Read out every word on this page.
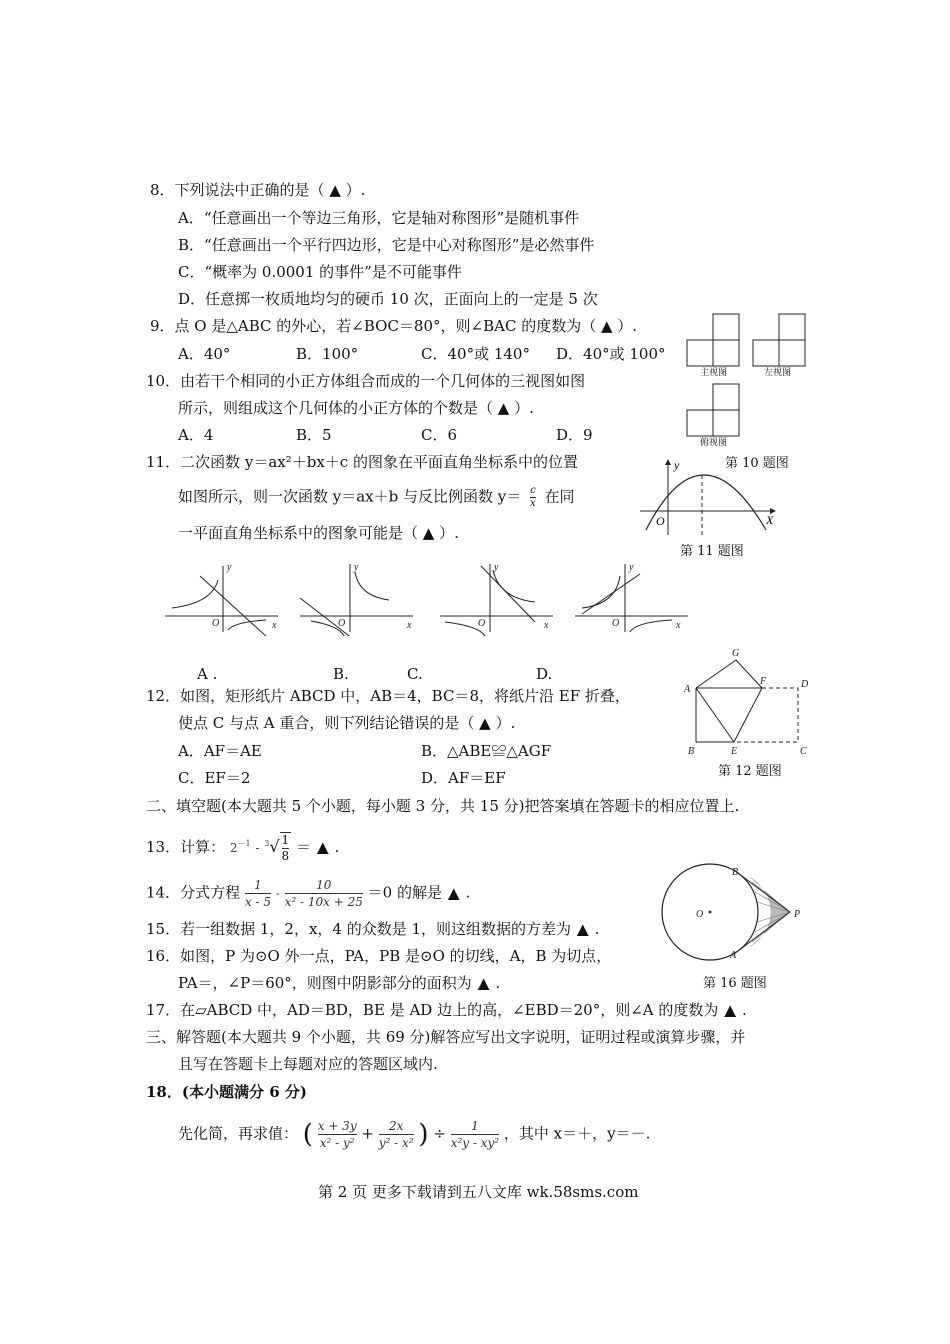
8．下列说法中正确的是（ ▲ ）.
A．“任意画出一个等边三角形，它是轴对称图形”是随机事件
B．“任意画出一个平行四边形，它是中心对称图形”是必然事件
C．“概率为 0.0001 的事件”是不可能事件
D．任意掷一枚质地均匀的硬币 10 次，正面向上的一定是 5 次
9．点 O 是△ABC 的外心，若∠BOC＝80°，则∠BAC 的度数为（ ▲ ）.
A．40°	B．100°	C．40°或 140° D．40°或 100°
10．由若干个相同的小正方体组合而成的一个几何体的三视图如图
所示，则组成这个几何体的小正方体的个数是（ ▲ ）.
A．4	B．5	C．6	D．9
主视图	左视图
俯视图
第 10 题图
11．二次函数 y＝ax²＋bx＋c 的图象在平面直角坐标系中的位置
如图所示，则一次函数 y＝ax＋b 与反比例函数 $y= \frac{c}{x}$ 在同
一平面直角坐标系中的图象可能是（ ▲ ）.
O
y
X
第 11 题图
O
y
x	O
y
x	O
y
x	O
y
x
A .	B.	C.	D.
12．如图，矩形纸片 ABCD 中，AB＝4，BC＝8，将纸片沿 EF 折叠，
使点 C 与点 A 重合，则下列结论错误的是（ ▲ ）.
A．AF＝AE	B．△ABE≌△AGF
C．EF＝2	D．AF＝EF
G
A
F	D
B	E	C
第 12 题图
二、填空题(本大题共 5 个小题，每小题 3 分，共 15 分)把答案填在答题卡的相应位置上.
13．计算： $2^{-1} - ^3√ \frac{1}{8}$ ＝ ▲ .
14．分式方程 $\frac{1}{x - 5} - \frac{10}{\text{x² - 10x + 25}} =0$ 的解是 ▲ .
15．若一组数据 1，2，x，4 的众数是 1，则这组数据的方差为 ▲ .
16．如图，P 为⊙O 外一点，PA，PB 是⊙O 的切线，A，B 为切点，
PA＝，∠P＝60°，则图中阴影部分的面积为 ▲ .
B
O	P
A
第 16 题图
17．在▱ABCD 中，AD＝BD，BE 是 AD 边上的高，∠EBD＝20°，则∠A 的度数为 ▲ .
三、解答题(本大题共 9 个小题，共 69 分)解答应写出文字说明，证明过程或演算步骤，并
且写在答题卡上每题对应的答题区域内.
18．(本小题满分 6 分)
先化简，再求值： ( $\frac{x + 3y}{\text{x² - y²}} + \frac{2x}{\text{y² - x²}}$ ) ÷ $\frac{1}{\text{x²y - xy²}}$ ，其中 x＝＋，y＝－.
第 2 页 更多下载请到五八文库 wk.58sms.com
